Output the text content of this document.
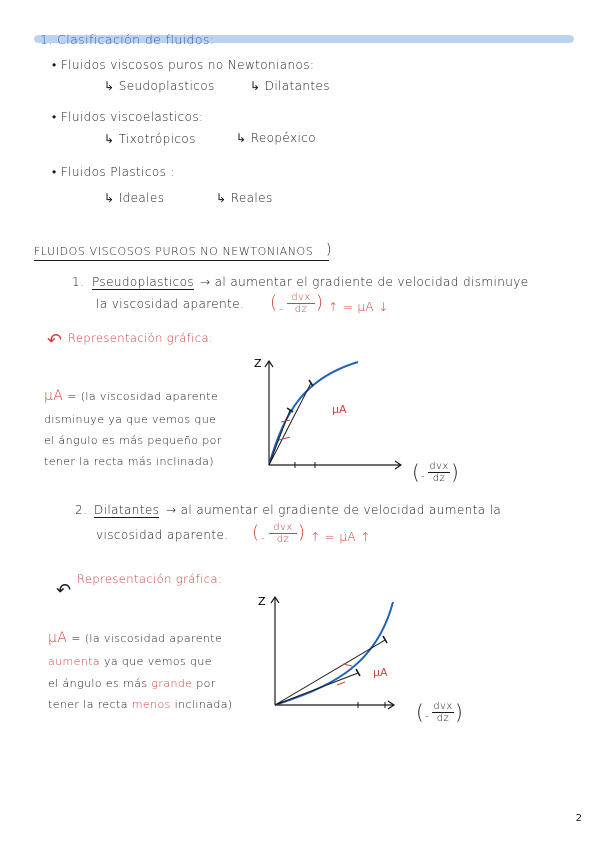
1. Clasificación de fluidos:
• Fluidos viscosos puros no Newtonianos:
↳ Seudoplasticos	↳ Dilatantes
• Fluidos viscoelasticos:
↳ Tixotrópicos	↳ Reopéxico
• Fluidos Plasticos :
↳ Ideales	↳ Reales
FLUIDOS VISCOSOS PUROS NO NEWTONIANOS )
1. Pseudoplasticos → al aumentar el gradiente de velocidad disminuye
la viscosidad aparente. ( -
dvx
dz ) ↑ = μA ↓
↶ Representación gráfica:
μA = (la viscosidad aparente
disminuye ya que vemos que
el ángulo es más pequeño por
tener la recta más inclinada)
Z
μA
( -
dvx
dz )
2. Dilatantes → al aumentar el gradiente de velocidad aumenta la
viscosidad aparente. ( -
dvx
dz ) ↑ = μA ↑
↶
Representación gráfica:
μA = (la viscosidad aparente
aumenta ya que vemos que
el ángulo es más grande por
tener la recta menos inclinada)
Z
μA
( -
dvx
dz )
2
